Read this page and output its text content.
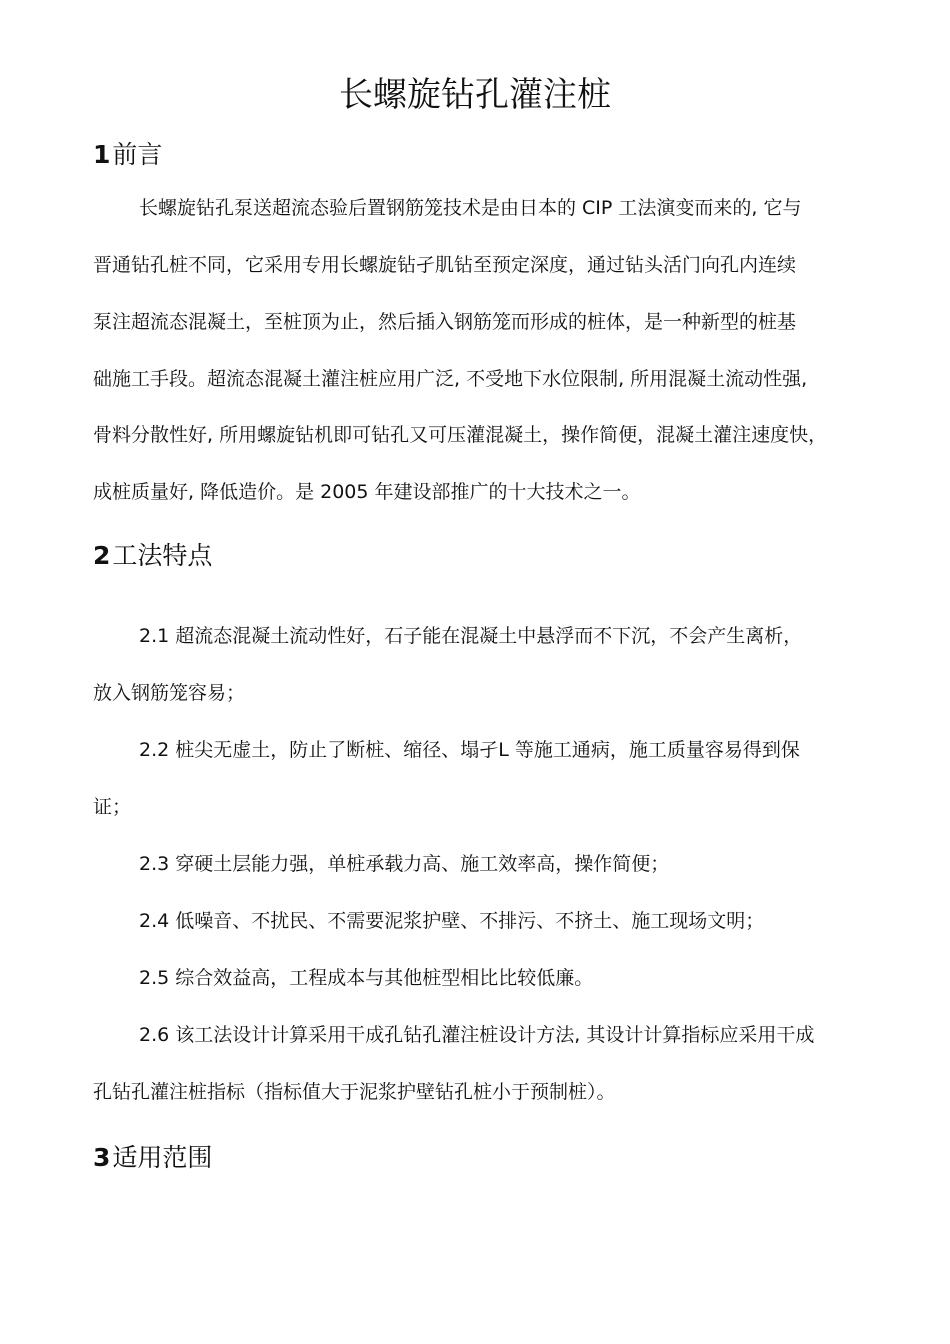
长螺旋钻孔灌注桩
1前言
长螺旋钻孔泵送超流态验后置钢筋笼技术是由日本的 CIP 工法演变而来的, 它与
晋通钻孔桩不同，它采用专用长螺旋钻孑肌钻至预定深度，通过钻头活门向孔内连续
泵注超流态混凝土，至桩顶为止，然后插入钢筋笼而形成的桩体，是一种新型的桩基
础施工手段。超流态混凝土灌注桩应用广泛, 不受地下水位限制, 所用混凝土流动性强,
骨料分散性好, 所用螺旋钻机即可钻孔又可压灌混凝土，操作简便，混凝土灌注速度快，
成桩质量好, 降低造价。是 2005 年建设部推广的十大技术之一。
2工法特点
2.1 超流态混凝土流动性好，石子能在混凝土中悬浮而不下沉，不会产生离析，
放入钢筋笼容易；
2.2 桩尖无虚土，防止了断桩、缩径、塌孑L 等施工通病，施工质量容易得到保
证；
2.3 穿硬土层能力强，单桩承载力高、施工效率高，操作简便；
2.4 低噪音、不扰民、不需要泥浆护壁、不排污、不挤土、施工现场文明；
2.5 综合效益高，工程成本与其他桩型相比比较低廉。
2.6 该工法设计计算采用干成孔钻孔灌注桩设计方法, 其设计计算指标应采用干成
孔钻孔灌注桩指标（指标值大于泥浆护壁钻孔桩小于预制桩）。
3适用范围
